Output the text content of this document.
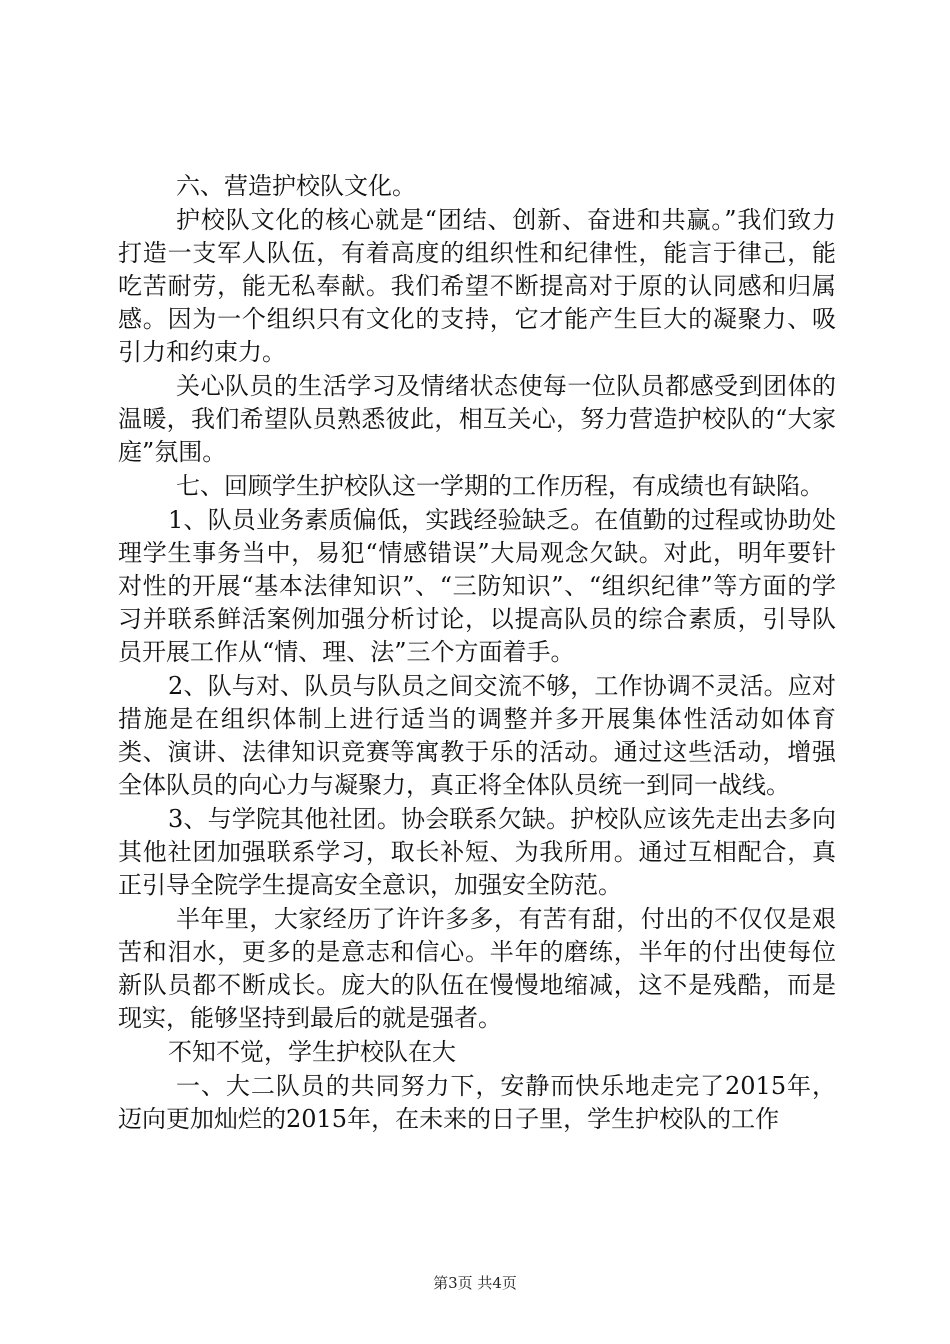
六、营造护校队文化。

护校队文化的核心就是“团结、创新、奋进和共赢。”我们致力打造一支军人队伍，有着高度的组织性和纪律性，能言于律己，能吃苦耐劳，能无私奉献。我们希望不断提高对于原的认同感和归属感。因为一个组织只有文化的支持，它才能产生巨大的凝聚力、吸引力和约束力。

关心队员的生活学习及情绪状态使每一位队员都感受到团体的温暖，我们希望队员熟悉彼此，相互关心，努力营造护校队的“大家庭”氛围。

七、回顾学生护校队这一学期的工作历程，有成绩也有缺陷。

1、队员业务素质偏低，实践经验缺乏。在值勤的过程或协助处理学生事务当中，易犯“情感错误”大局观念欠缺。对此，明年要针对性的开展“基本法律知识”、“三防知识”、“组织纪律”等方面的学习并联系鲜活案例加强分析讨论，以提高队员的综合素质，引导队员开展工作从“情、理、法”三个方面着手。

2、队与对、队员与队员之间交流不够，工作协调不灵活。应对措施是在组织体制上进行适当的调整并多开展集体性活动如体育类、演讲、法律知识竞赛等寓教于乐的活动。通过这些活动，增强全体队员的向心力与凝聚力，真正将全体队员统一到同一战线。

3、与学院其他社团。协会联系欠缺。护校队应该先走出去多向其他社团加强联系学习，取长补短、为我所用。通过互相配合，真正引导全院学生提高安全意识，加强安全防范。

半年里，大家经历了许许多多，有苦有甜，付出的不仅仅是艰苦和泪水，更多的是意志和信心。半年的磨练，半年的付出使每位新队员都不断成长。庞大的队伍在慢慢地缩减，这不是残酷，而是现实，能够坚持到最后的就是强者。

不知不觉，学生护校队在大

一、大二队员的共同努力下，安静而快乐地走完了2015年，迈向更加灿烂的2015年，在未来的日子里，学生护校队的工作

第3页 共4页
